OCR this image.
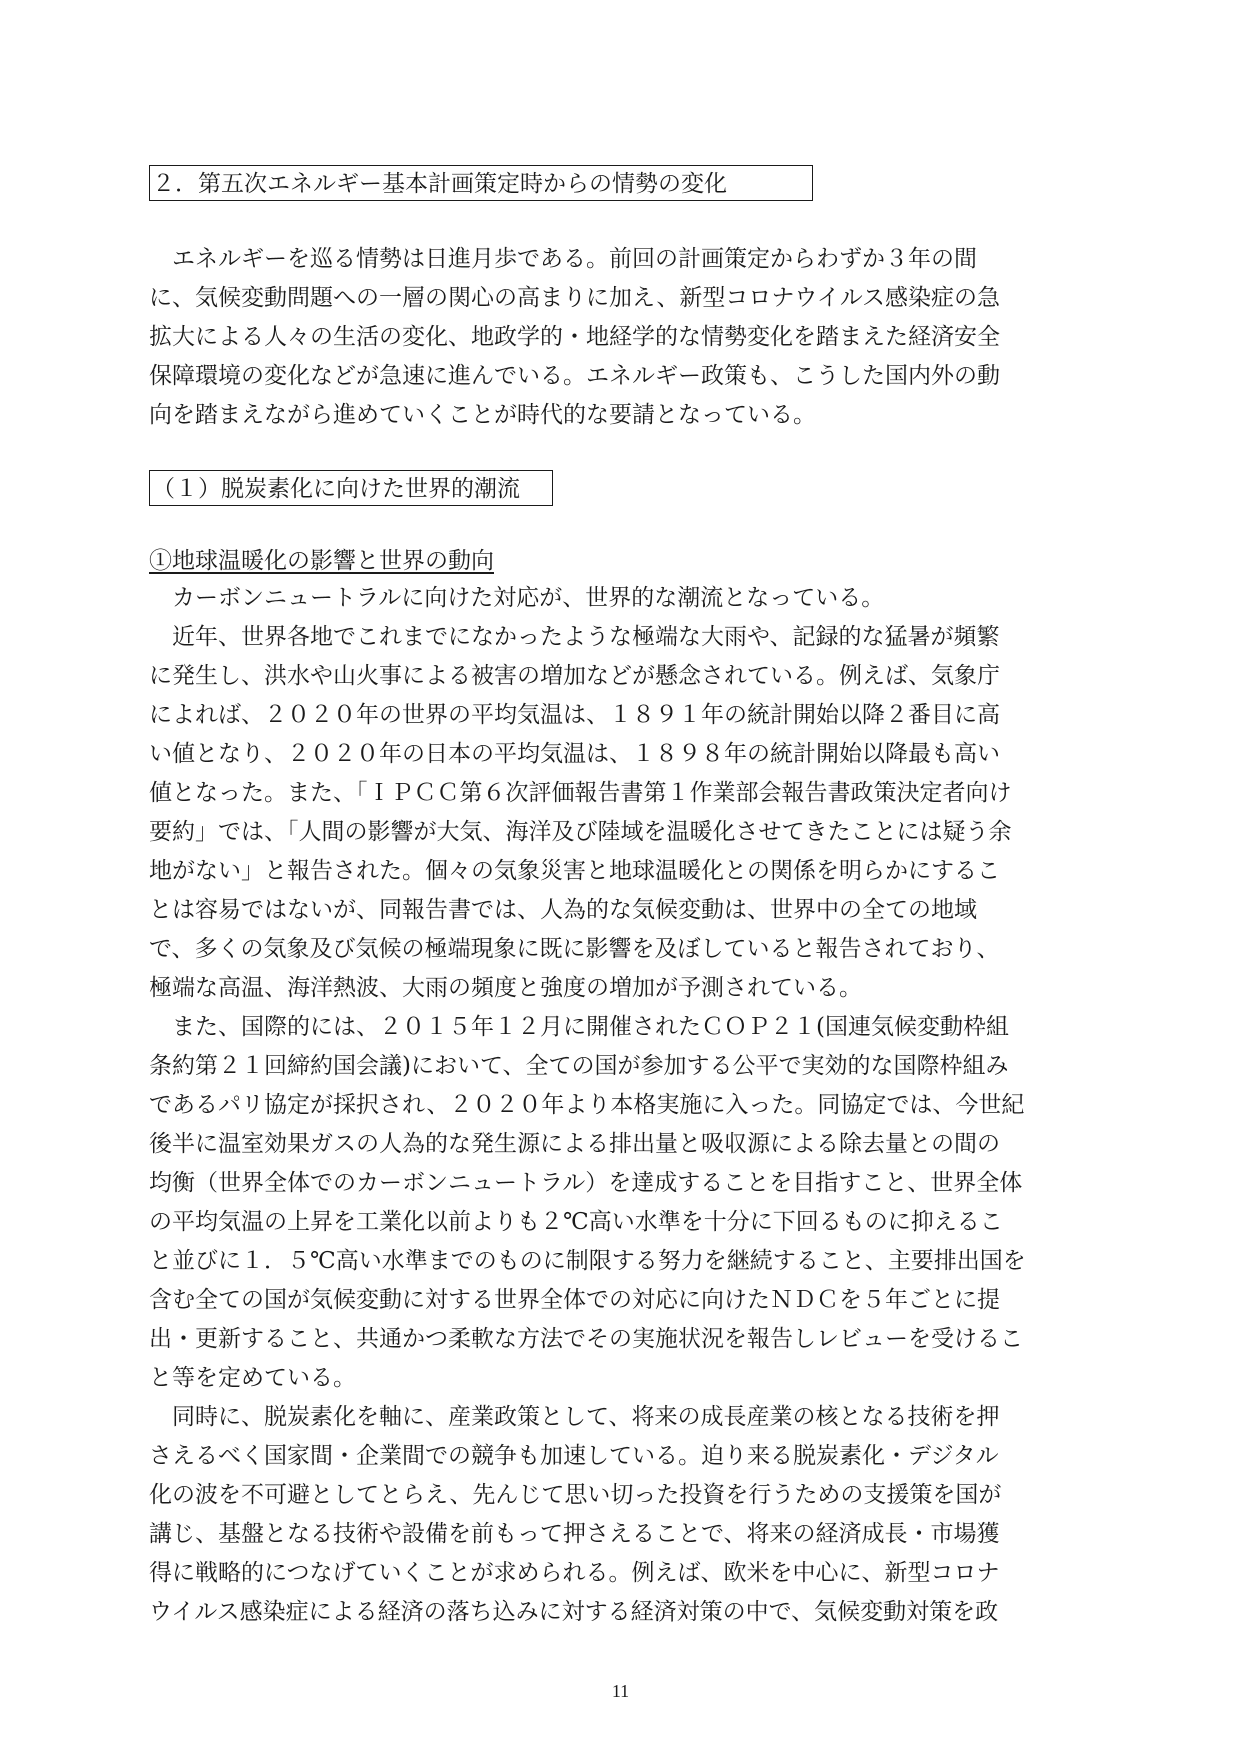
２．第五次エネルギー基本計画策定時からの情勢の変化
　エネルギーを巡る情勢は日進月歩である。前回の計画策定からわずか３年の間
に、気候変動問題への一層の関心の高まりに加え、新型コロナウイルス感染症の急
拡大による人々の生活の変化、地政学的・地経学的な情勢変化を踏まえた経済安全
保障環境の変化などが急速に進んでいる。エネルギー政策も、こうした国内外の動
向を踏まえながら進めていくことが時代的な要請となっている。
（１）脱炭素化に向けた世界的潮流
①地球温暖化の影響と世界の動向
　カーボンニュートラルに向けた対応が、世界的な潮流となっている。
　近年、世界各地でこれまでになかったような極端な大雨や、記録的な猛暑が頻繁
に発生し、洪水や山火事による被害の増加などが懸念されている。例えば、気象庁
によれば、２０２０年の世界の平均気温は、１８９１年の統計開始以降２番目に高
い値となり、２０２０年の日本の平均気温は、１８９８年の統計開始以降最も高い
値となった。また、「ＩＰＣＣ第６次評価報告書第１作業部会報告書政策決定者向け
要約」では、「人間の影響が大気、海洋及び陸域を温暖化させてきたことには疑う余
地がない」と報告された。個々の気象災害と地球温暖化との関係を明らかにするこ
とは容易ではないが、同報告書では、人為的な気候変動は、世界中の全ての地域
で、多くの気象及び気候の極端現象に既に影響を及ぼしていると報告されており、
極端な高温、海洋熱波、大雨の頻度と強度の増加が予測されている。
　また、国際的には、２０１５年１２月に開催されたＣＯＰ２１(国連気候変動枠組
条約第２１回締約国会議)において、全ての国が参加する公平で実効的な国際枠組み
であるパリ協定が採択され、２０２０年より本格実施に入った。同協定では、今世紀
後半に温室効果ガスの人為的な発生源による排出量と吸収源による除去量との間の
均衡（世界全体でのカーボンニュートラル）を達成することを目指すこと、世界全体
の平均気温の上昇を工業化以前よりも２℃高い水準を十分に下回るものに抑えるこ
と並びに１．５℃高い水準までのものに制限する努力を継続すること、主要排出国を
含む全ての国が気候変動に対する世界全体での対応に向けたＮＤＣを５年ごとに提
出・更新すること、共通かつ柔軟な方法でその実施状況を報告しレビューを受けるこ
と等を定めている。
　同時に、脱炭素化を軸に、産業政策として、将来の成長産業の核となる技術を押
さえるべく国家間・企業間での競争も加速している。迫り来る脱炭素化・デジタル
化の波を不可避としてとらえ、先んじて思い切った投資を行うための支援策を国が
講じ、基盤となる技術や設備を前もって押さえることで、将来の経済成長・市場獲
得に戦略的につなげていくことが求められる。例えば、欧米を中心に、新型コロナ
ウイルス感染症による経済の落ち込みに対する経済対策の中で、気候変動対策を政
11
